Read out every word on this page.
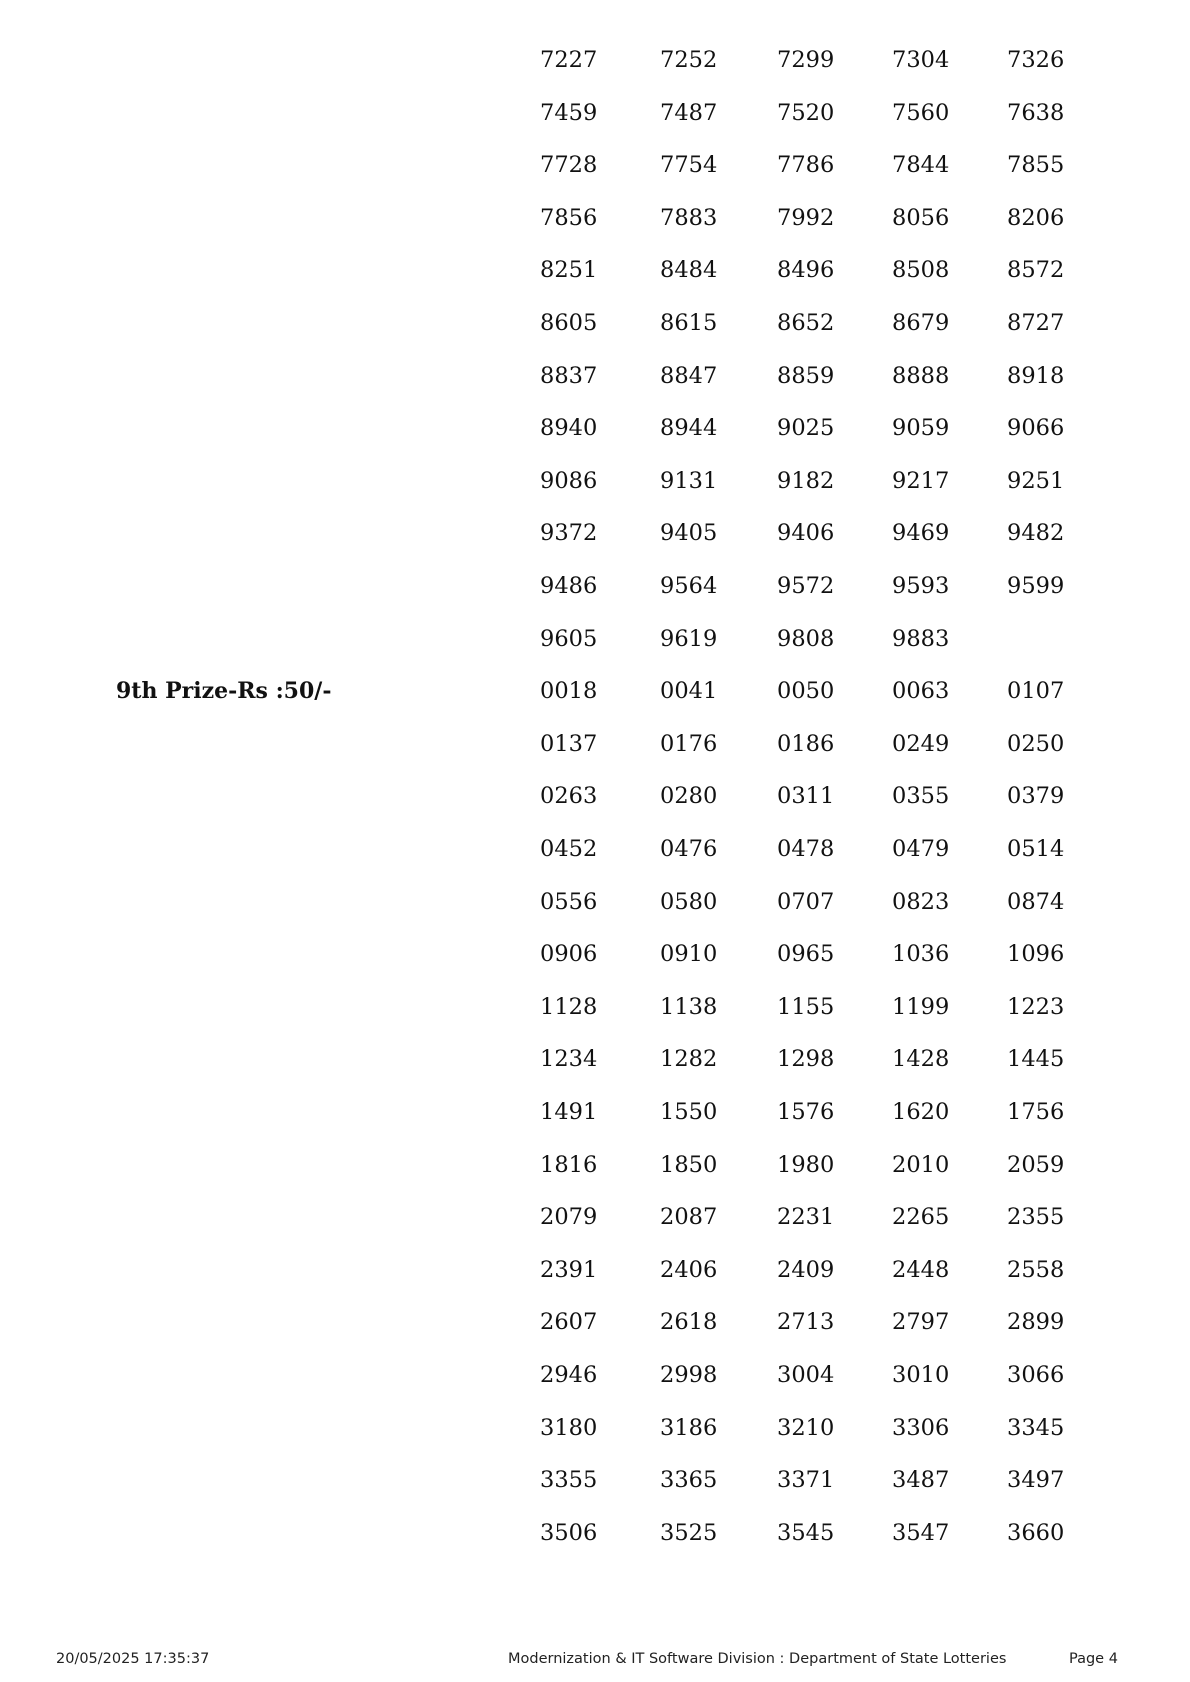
7227	7252	7299	7304	7326
7459	7487	7520	7560	7638
7728	7754	7786	7844	7855
7856	7883	7992	8056	8206
8251	8484	8496	8508	8572
8605	8615	8652	8679	8727
8837	8847	8859	8888	8918
8940	8944	9025	9059	9066
9086	9131	9182	9217	9251
9372	9405	9406	9469	9482
9486	9564	9572	9593	9599
9605	9619	9808	9883
9th Prize-Rs :50/-	0018	0041	0050	0063	0107
0137	0176	0186	0249	0250
0263	0280	0311	0355	0379
0452	0476	0478	0479	0514
0556	0580	0707	0823	0874
0906	0910	0965	1036	1096
1128	1138	1155	1199	1223
1234	1282	1298	1428	1445
1491	1550	1576	1620	1756
1816	1850	1980	2010	2059
2079	2087	2231	2265	2355
2391	2406	2409	2448	2558
2607	2618	2713	2797	2899
2946	2998	3004	3010	3066
3180	3186	3210	3306	3345
3355	3365	3371	3487	3497
3506	3525	3545	3547	3660
20/05/2025 17:35:37	Modernization & IT Software Division : Department of State Lotteries	Page 4
